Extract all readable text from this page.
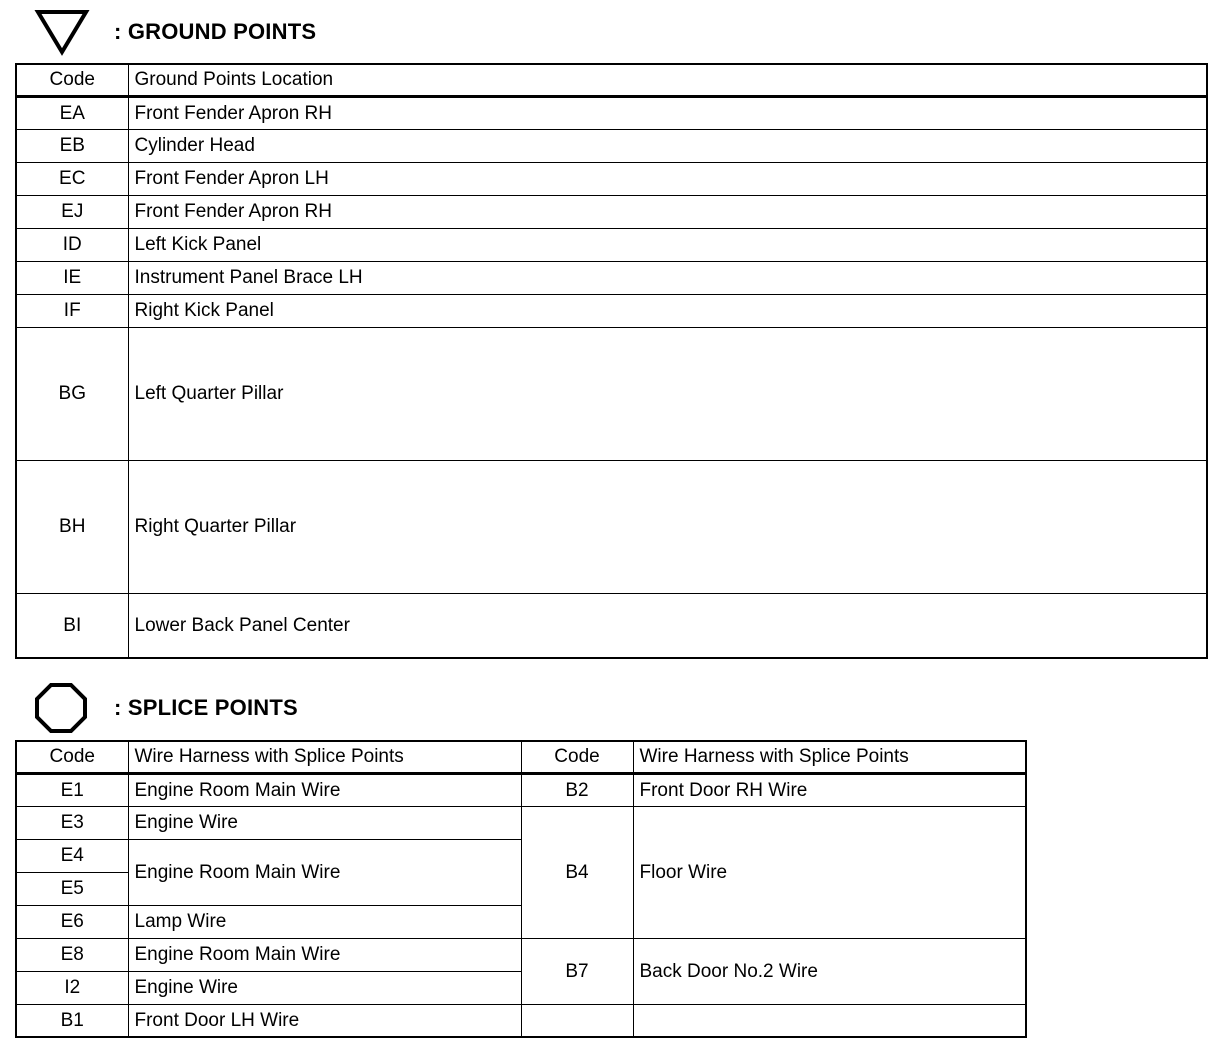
: GROUND POINTS
Code	Ground Points Location
EA	Front Fender Apron RH
EB	Cylinder Head
EC	Front Fender Apron LH
EJ	Front Fender Apron RH
ID	Left Kick Panel
IE	Instrument Panel Brace LH
IF	Right Kick Panel
BG	Left Quarter Pillar
BH	Right Quarter Pillar
BI	Lower Back Panel Center
: SPLICE POINTS
Code	Wire Harness with Splice Points	Code	Wire Harness with Splice Points
E1	Engine Room Main Wire	B2	Front Door RH Wire
E3	Engine Wire	B4	Floor Wire
E4	Engine Room Main Wire		
E5			
E6	Lamp Wire		
E8	Engine Room Main Wire	B7	Back Door No.2 Wire
I2	Engine Wire		
B1	Front Door LH Wire		
